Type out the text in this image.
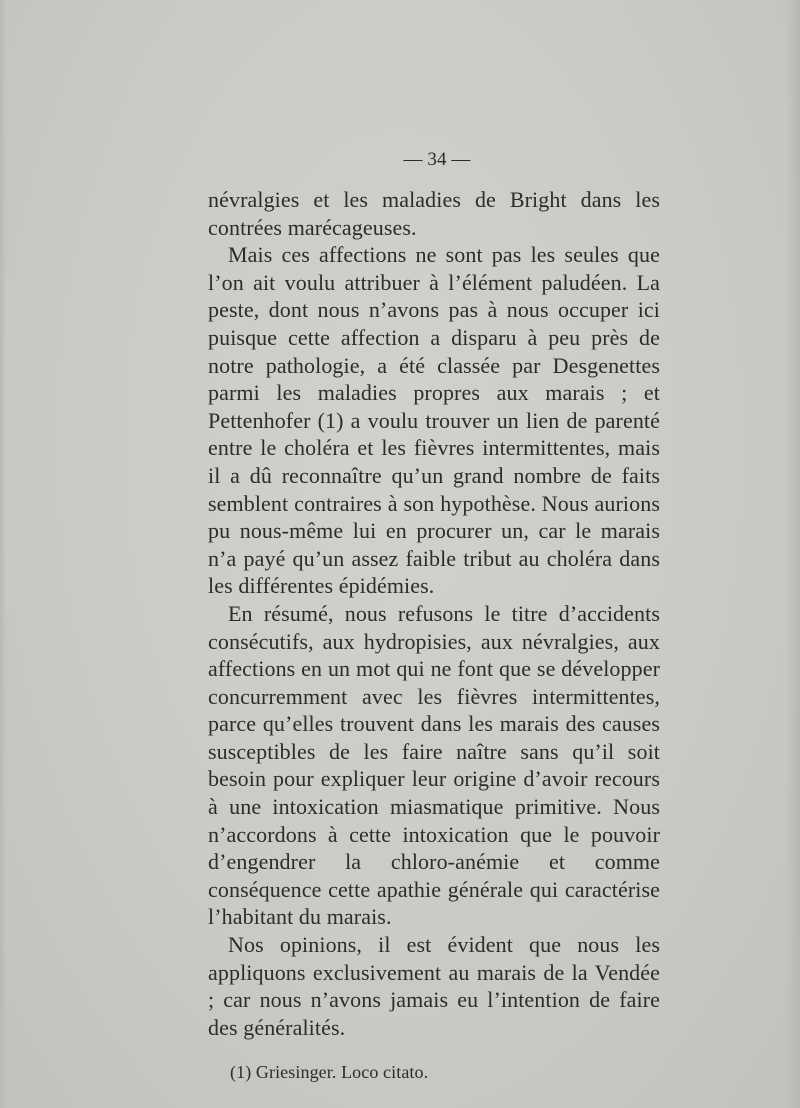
— 34 —

névralgies et les maladies de Bright dans les contrées marécageuses.

Mais ces affections ne sont pas les seules que l’on ait voulu attribuer à l’élément paludéen. La peste, dont nous n’avons pas à nous occuper ici puisque cette affection a disparu à peu près de notre pathologie, a été classée par Desgenettes parmi les maladies propres aux marais ; et Pettenhofer (1) a voulu trouver un lien de parenté entre le choléra et les fièvres intermittentes, mais il a dû reconnaître qu’un grand nombre de faits semblent contraires à son hypothèse. Nous aurions pu nous-même lui en procurer un, car le marais n’a payé qu’un assez faible tribut au choléra dans les différentes épidémies.

En résumé, nous refusons le titre d’accidents consécutifs, aux hydropisies, aux névralgies, aux affections en un mot qui ne font que se développer concurremment avec les fièvres intermittentes, parce qu’elles trouvent dans les marais des causes susceptibles de les faire naître sans qu’il soit besoin pour expliquer leur origine d’avoir recours à une intoxication miasmatique primitive. Nous n’accordons à cette intoxication que le pouvoir d’engendrer la chloro-anémie et comme conséquence cette apathie générale qui caractérise l’habitant du marais.

Nos opinions, il est évident que nous les appliquons exclusivement au marais de la Vendée ; car nous n’avons jamais eu l’intention de faire des généralités.

(1) Griesinger. Loco citato.
